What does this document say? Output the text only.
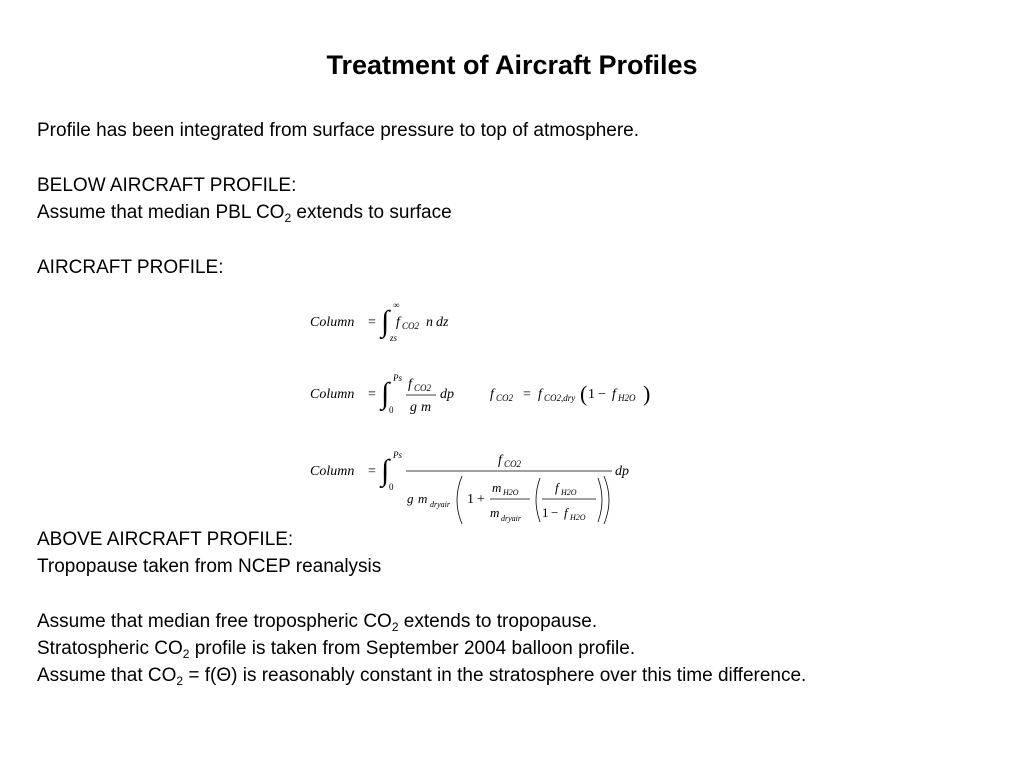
Treatment of Aircraft Profiles

Profile has been integrated from surface pressure to top of atmosphere.

BELOW AIRCRAFT PROFILE:

Assume that median PBL $CO_2$ extends to surface

AIRCRAFT PROFILE:

Column = ∫ ∞
zs
f CO2 n dz
Column = ∫ Ps
0
f CO2
g m
dp	f CO2 = f CO2,dry ( 1 − f H2O )
Column = ∫ Ps
0
f CO2	dp
g m dryair 1 +
m H2O
m dryair
f H2O
1 − f H2O

ABOVE AIRCRAFT PROFILE:

Tropopause taken from NCEP reanalysis

Assume that median free tropospheric $CO_2$ extends to tropopause.

Stratospheric $CO_2$ profile is taken from September 2004 balloon profile.

Assume that $CO_2 = f(\Theta)$ is reasonably constant in the stratosphere over this time difference.
